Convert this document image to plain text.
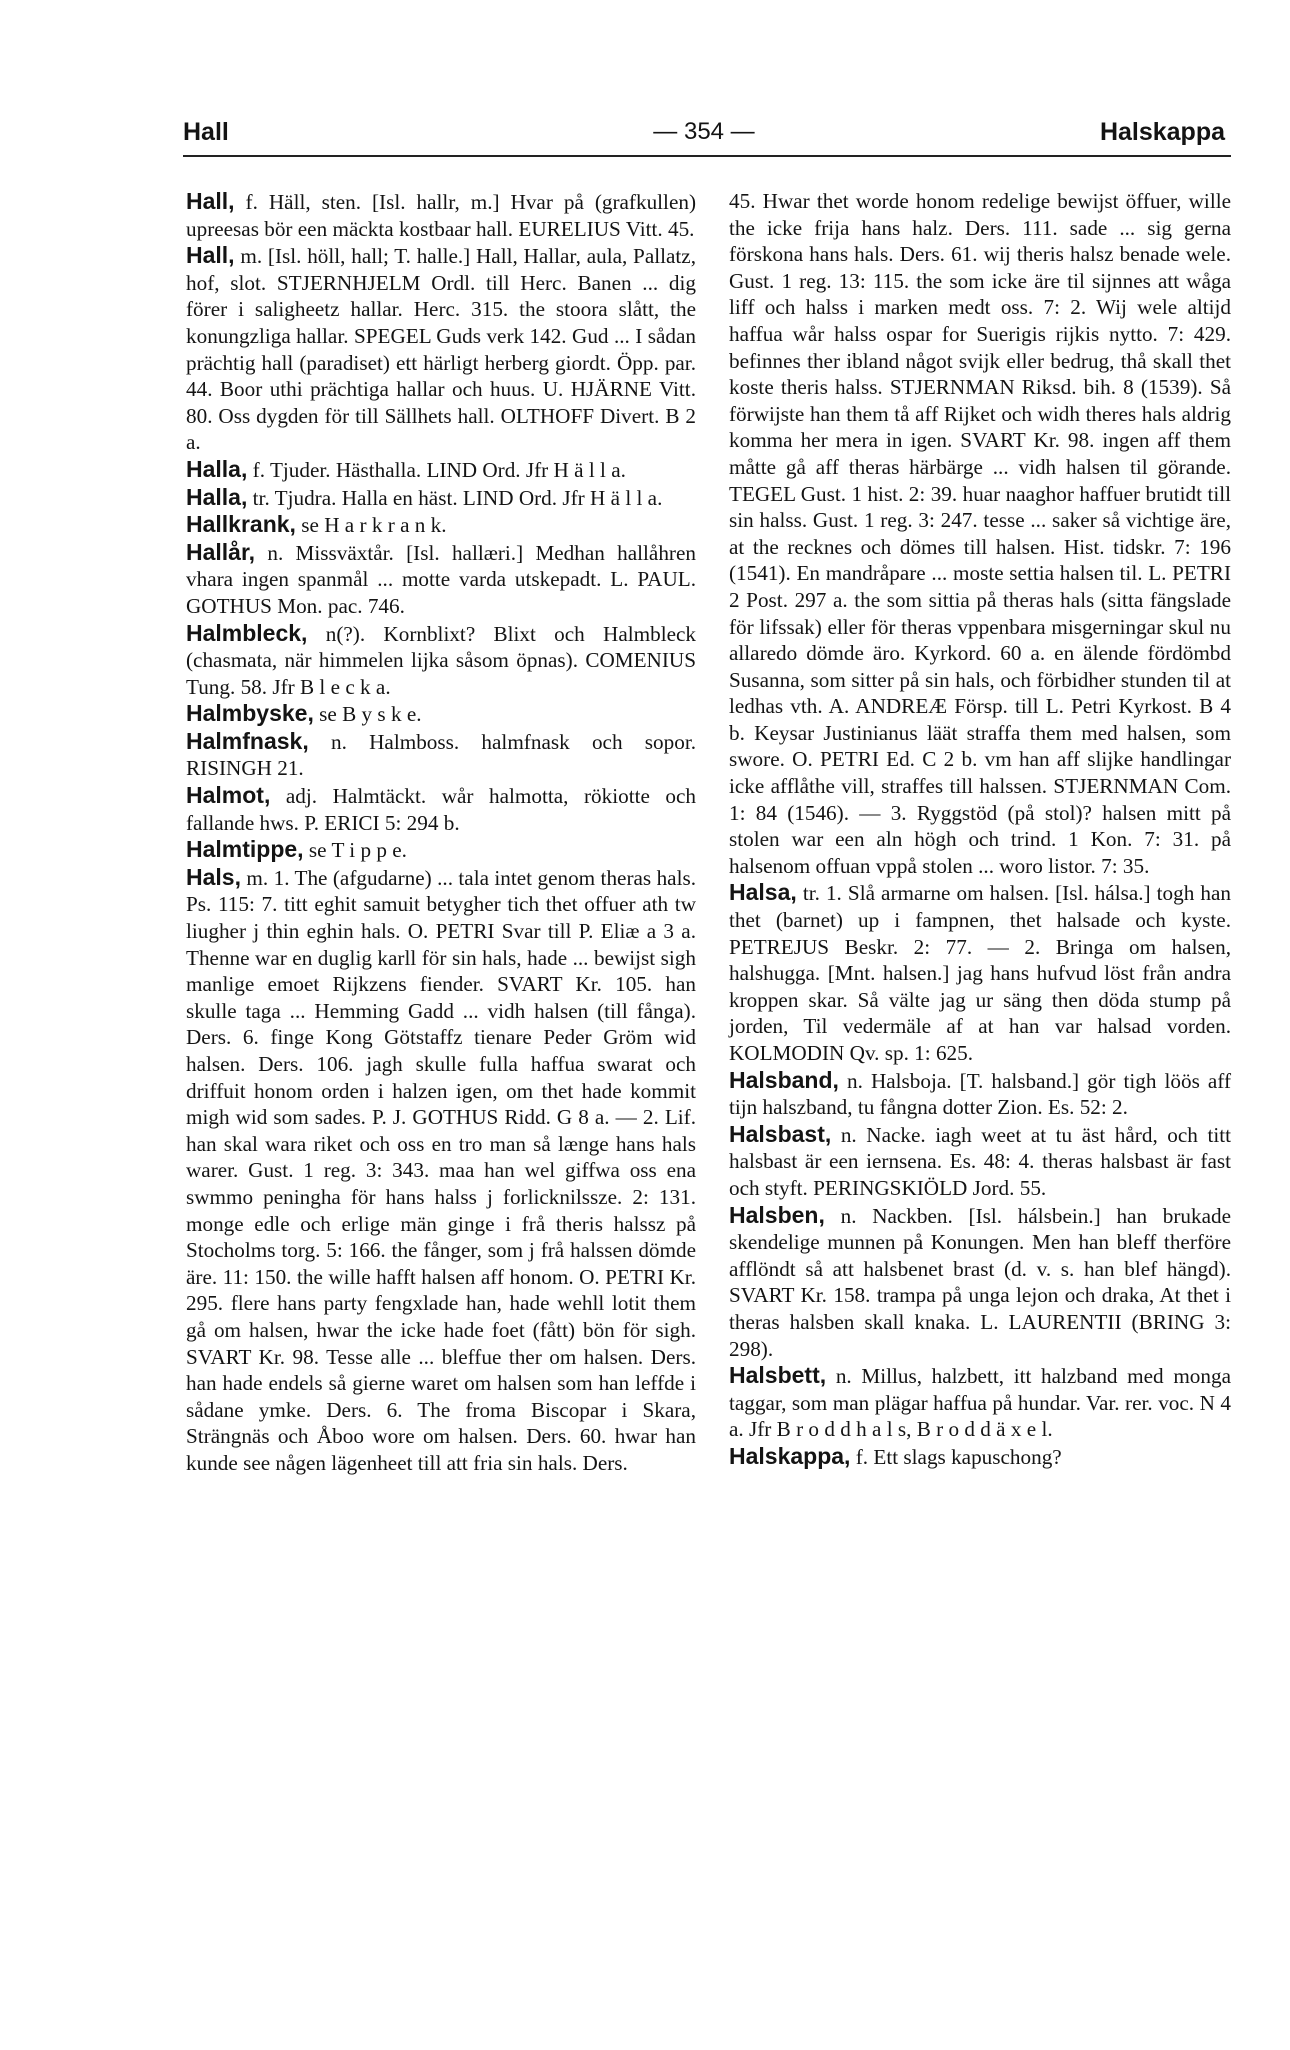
Hall	— 354 —	Halskappa

Hall, f. Häll, sten. [Isl. hallr, m.] Hvar på (grafkullen) upreesas bör een mäckta kostbaar hall. EURELIUS Vitt. 45.

Hall, m. [Isl. höll, hall; T. halle.] Hall, Hallar, aula, Pallatz, hof, slot. STJERNHJELM Ordl. till Herc. Banen ... dig förer i saligheetz hallar. Herc. 315. the stoora slått, the konungzliga hallar. SPEGEL Guds verk 142. Gud ... I sådan prächtig hall (paradiset) ett härligt herberg giordt. Öpp. par. 44. Boor uthi prächtiga hallar och huus. U. HJÄRNE Vitt. 80. Oss dygden för till Sällhets hall. OLTHOFF Divert. B 2 a.

Halla, f. Tjuder. Hästhalla. LIND Ord. Jfr H ä l l a.

Halla, tr. Tjudra. Halla en häst. LIND Ord. Jfr H ä l l a.

Hallkrank, se H a r k r a n k.

Hallår, n. Missväxtår. [Isl. hallæri.] Medhan hallåhren vhara ingen spanmål ... motte varda utskepadt. L. PAUL. GOTHUS Mon. pac. 746.

Halmbleck, n(?). Kornblixt? Blixt och Halmbleck (chasmata, när himmelen lijka såsom öpnas). COMENIUS Tung. 58. Jfr B l e c k a.

Halmbyske, se B y s k e.

Halmfnask, n. Halmboss. halmfnask och sopor. RISINGH 21.

Halmot, adj. Halmtäckt. wår halmotta, rökiotte och fallande hws. P. ERICI 5: 294 b.

Halmtippe, se T i p p e.

Hals, m. 1. The (afgudarne) ... tala intet genom theras hals. Ps. 115: 7. titt eghit samuit betygher tich thet offuer ath tw liugher j thin eghin hals. O. PETRI Svar till P. Eliæ a 3 a. Thenne war en duglig karll för sin hals, hade ... bewijst sigh manlige emoet Rijkzens fiender. SVART Kr. 105. han skulle taga ... Hemming Gadd ... vidh halsen (till fånga). Ders. 6. finge Kong Götstaffz tienare Peder Gröm wid halsen. Ders. 106. jagh skulle fulla haffua swarat och driffuit honom orden i halzen igen, om thet hade kommit migh wid som sades. P. J. GOTHUS Ridd. G 8 a. — 2. Lif. han skal wara riket och oss en tro man så længe hans hals warer. Gust. 1 reg. 3: 343. maa han wel giffwa oss ena swmmo peningha för hans halss j forlicknilssze. 2: 131. monge edle och erlige män ginge i frå theris halssz på Stocholms torg. 5: 166. the fånger, som j frå halssen dömde äre. 11: 150. the wille hafft halsen aff honom. O. PETRI Kr. 295. flere hans party fengxlade han, hade wehll lotit them gå om halsen, hwar the icke hade foet (fått) bön för sigh. SVART Kr. 98. Tesse alle ... bleffue ther om halsen. Ders. han hade endels så gierne waret om halsen som han leffde i sådane ymke. Ders. 6. The froma Biscopar i Skara, Strängnäs och Åboo wore om halsen. Ders. 60. hwar han kunde see någen lägenheet till att fria sin hals. Ders.

45. Hwar thet worde honom redelige bewijst öffuer, wille the icke frija hans halz. Ders. 111. sade ... sig gerna förskona hans hals. Ders. 61. wij theris halsz benade wele. Gust. 1 reg. 13: 115. the som icke äre til sijnnes att wåga liff och halss i marken medt oss. 7: 2. Wij wele altijd haffua wår halss ospar for Suerigis rijkis nytto. 7: 429. befinnes ther ibland något svijk eller bedrug, thå skall thet koste theris halss. STJERNMAN Riksd. bih. 8 (1539). Så förwijste han them tå aff Rijket och widh theres hals aldrig komma her mera in igen. SVART Kr. 98. ingen aff them måtte gå aff theras härbärge ... vidh halsen til görande. TEGEL Gust. 1 hist. 2: 39. huar naaghor haffuer brutidt till sin halss. Gust. 1 reg. 3: 247. tesse ... saker så vichtige äre, at the recknes och dömes till halsen. Hist. tidskr. 7: 196 (1541). En mandråpare ... moste settia halsen til. L. PETRI 2 Post. 297 a. the som sittia på theras hals (sitta fängslade för lifssak) eller för theras vppenbara misgerningar skul nu allaredo dömde äro. Kyrkord. 60 a. en älende fördömbd Susanna, som sitter på sin hals, och förbidher stunden til at ledhas vth. A. ANDREÆ Försp. till L. Petri Kyrkost. B 4 b. Keysar Justinianus läät straffa them med halsen, som swore. O. PETRI Ed. C 2 b. vm han aff slijke handlingar icke afflåthe vill, straffes till halssen. STJERNMAN Com. 1: 84 (1546). — 3. Ryggstöd (på stol)? halsen mitt på stolen war een aln högh och trind. 1 Kon. 7: 31. på halsenom offuan vppå stolen ... woro listor. 7: 35.

Halsa, tr. 1. Slå armarne om halsen. [Isl. hálsa.] togh han thet (barnet) up i fampnen, thet halsade och kyste. PETREJUS Beskr. 2: 77. — 2. Bringa om halsen, halshugga. [Mnt. halsen.] jag hans hufvud löst från andra kroppen skar. Så välte jag ur säng then döda stump på jorden, Til vedermäle af at han var halsad vorden. KOLMODIN Qv. sp. 1: 625.

Halsband, n. Halsboja. [T. halsband.] gör tigh löös aff tijn halszband, tu fångna dotter Zion. Es. 52: 2.

Halsbast, n. Nacke. iagh weet at tu äst hård, och titt halsbast är een iernsena. Es. 48: 4. theras halsbast är fast och styft. PERINGSKIÖLD Jord. 55.

Halsben, n. Nackben. [Isl. hálsbein.] han brukade skendelige munnen på Konungen. Men han bleff therföre afflöndt så att halsbenet brast (d. v. s. han blef hängd). SVART Kr. 158. trampa på unga lejon och draka, At thet i theras halsben skall knaka. L. LAURENTII (BRING 3: 298).

Halsbett, n. Millus, halzbett, itt halzband med monga taggar, som man plägar haffua på hundar. Var. rer. voc. N 4 a. Jfr B r o d d h a l s, B r o d d ä x e l.

Halskappa, f. Ett slags kapuschong?
